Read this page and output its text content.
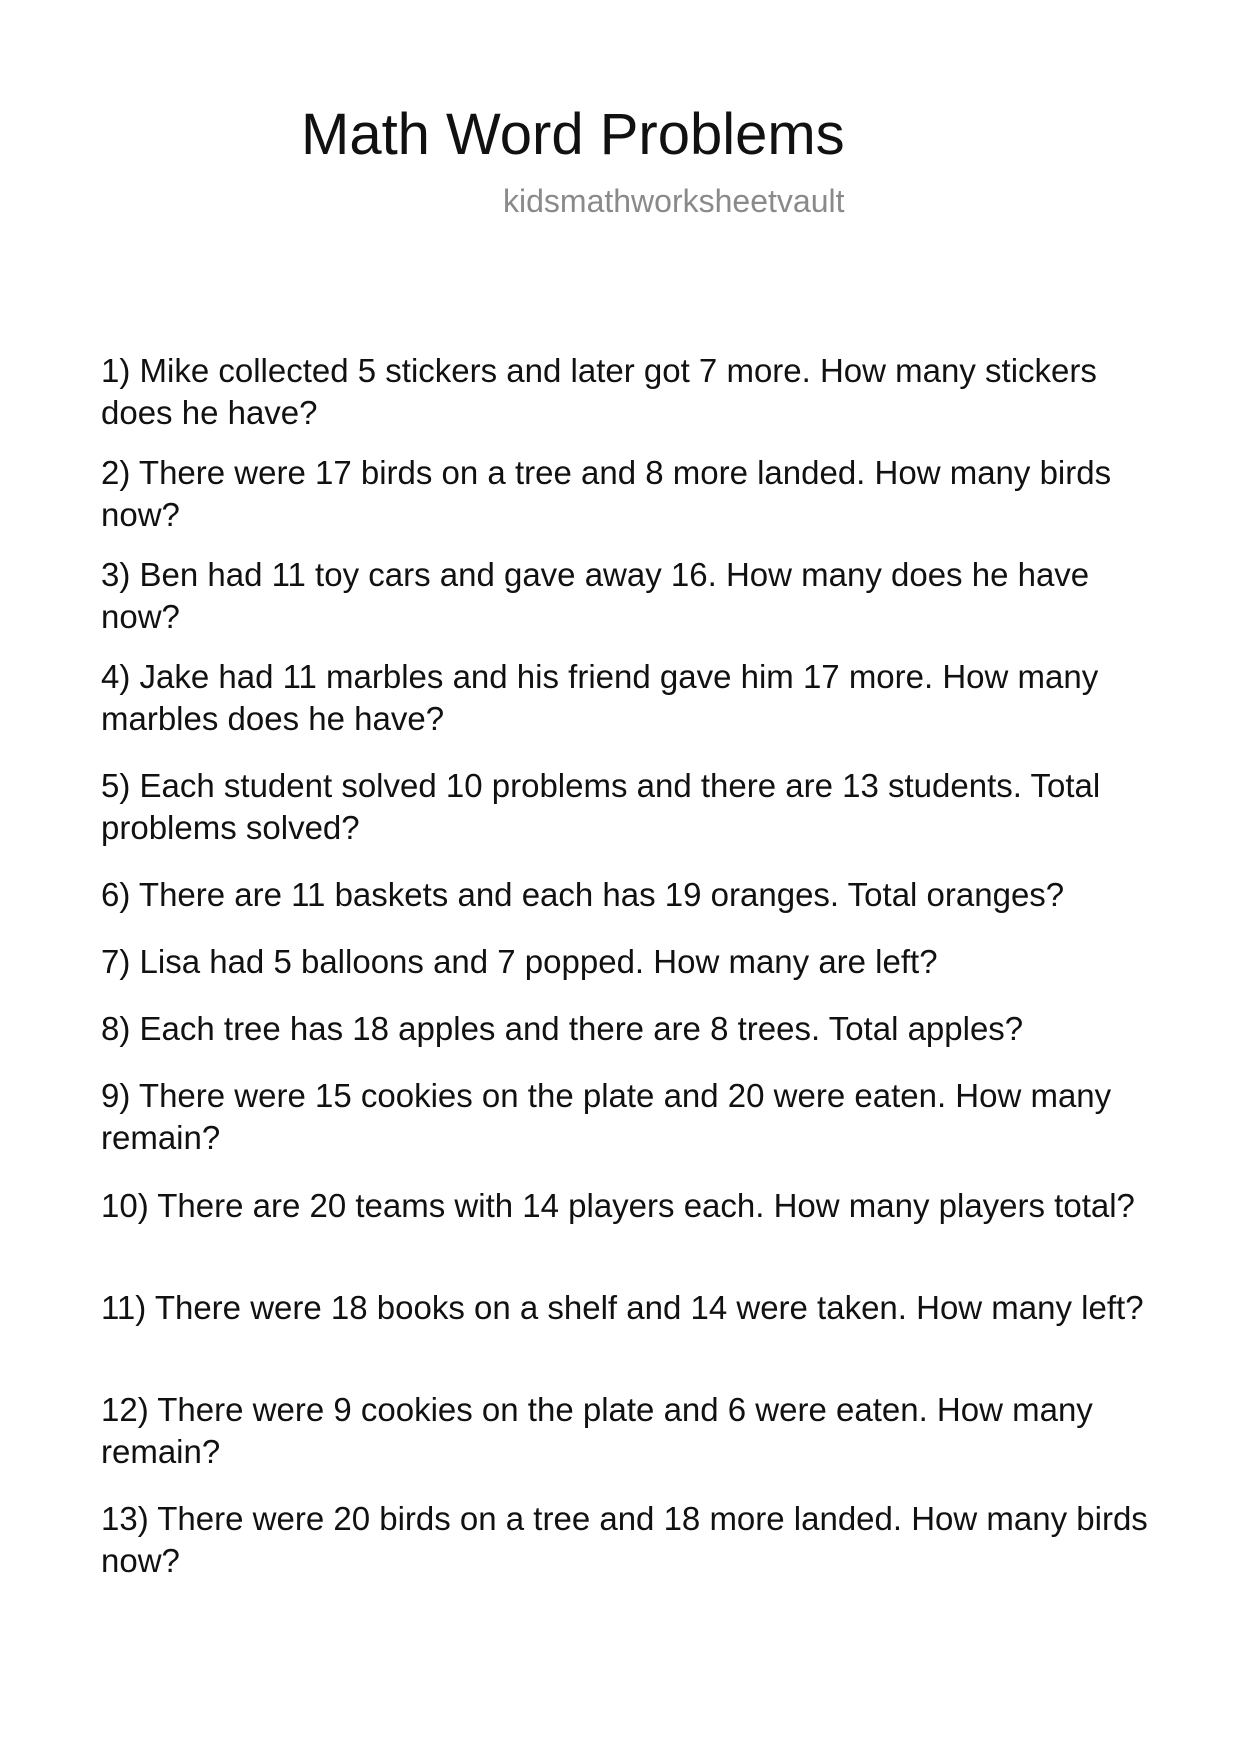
Math Word Problems
kidsmathworksheetvault

1) Mike collected 5 stickers and later got 7 more. How many stickers does he have?

2) There were 17 birds on a tree and 8 more landed. How many birds now?

3) Ben had 11 toy cars and gave away 16. How many does he have now?

4) Jake had 11 marbles and his friend gave him 17 more. How many marbles does he have?

5) Each student solved 10 problems and there are 13 students. Total problems solved?

6) There are 11 baskets and each has 19 oranges. Total oranges?

7) Lisa had 5 balloons and 7 popped. How many are left?

8) Each tree has 18 apples and there are 8 trees. Total apples?

9) There were 15 cookies on the plate and 20 were eaten. How many remain?

10) There are 20 teams with 14 players each. How many players total?

11) There were 18 books on a shelf and 14 were taken. How many left?

12) There were 9 cookies on the plate and 6 were eaten. How many remain?

13) There were 20 birds on a tree and 18 more landed. How many birds now?
